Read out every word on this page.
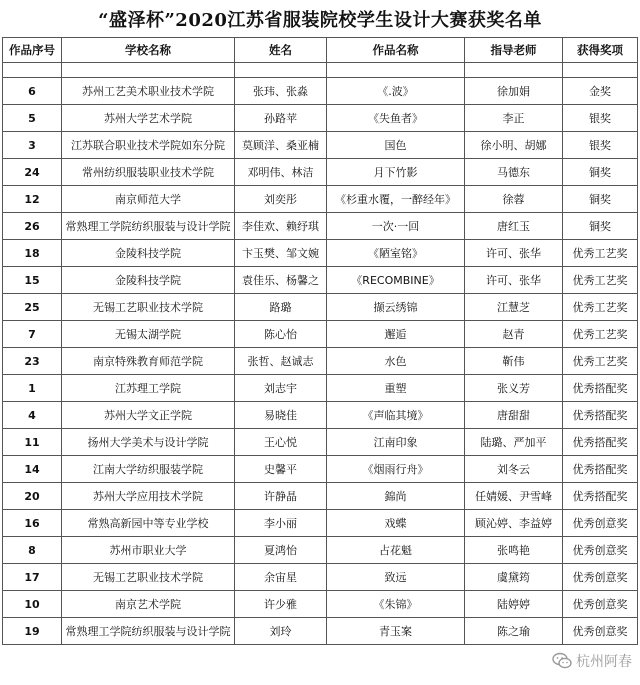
“盛泽杯”2020江苏省服装院校学生设计大赛获奖名单
作品序号	学校名称	姓名	作品名称	指导老师	获得奖项

6	苏州工艺美术职业技术学院	张玮、张淼	《.波》	徐加娟	金奖
5	苏州大学艺术学院	孙路苹	《失鱼者》	李正	银奖
3	江苏联合职业技术学院如东分院	莫顾洋、桑亚楠	国色	徐小明、胡娜	银奖
24	常州纺织服装职业技术学院	邓明伟、林洁	月下竹影	马德东	铜奖
12	南京师范大学	刘奕彤	《杉重水覆，一醉经年》	徐蓉	铜奖
26	常熟理工学院纺织服装与设计学院	李佳欢、赖纾琪	一次·一回	唐红玉	铜奖
18	金陵科技学院	卞玉樊、邹文婉	《陋室铭》	许可、张华	优秀工艺奖
15	金陵科技学院	袁佳乐、杨馨之	《RECOMBINE》	许可、张华	优秀工艺奖
25	无锡工艺职业技术学院	路璐	撷云绣锦	江慧芝	优秀工艺奖
7	无锡太湖学院	陈心怡	邂逅	赵青	优秀工艺奖
23	南京特殊教育师范学院	张哲、赵诚志	水色	靳伟	优秀工艺奖
1	江苏理工学院	刘志宇	重塑	张义芳	优秀搭配奖
4	苏州大学文正学院	易晓佳	《声临其境》	唐甜甜	优秀搭配奖
11	扬州大学美术与设计学院	王心悦	江南印象	陆璐、严加平	优秀搭配奖
14	江南大学纺织服装学院	史馨平	《烟雨行舟》	刘冬云	优秀搭配奖
20	苏州大学应用技术学院	许静晶	錦尚	任婧媛、尹雪峰	优秀搭配奖
16	常熟高新园中等专业学校	李小丽	戏蝶	顾沁婷、李益婷	优秀创意奖
8	苏州市职业大学	夏鸿怡	占花魁	张鸣艳	优秀创意奖
17	无锡工艺职业技术学院	余宙星	致远	虞黛筠	优秀创意奖
10	南京艺术学院	许少雅	《朱锦》	陆婷婷	优秀创意奖
19	常熟理工学院纺织服装与设计学院	刘玲	青玉案	陈之瑜	优秀创意奖
杭州阿春
